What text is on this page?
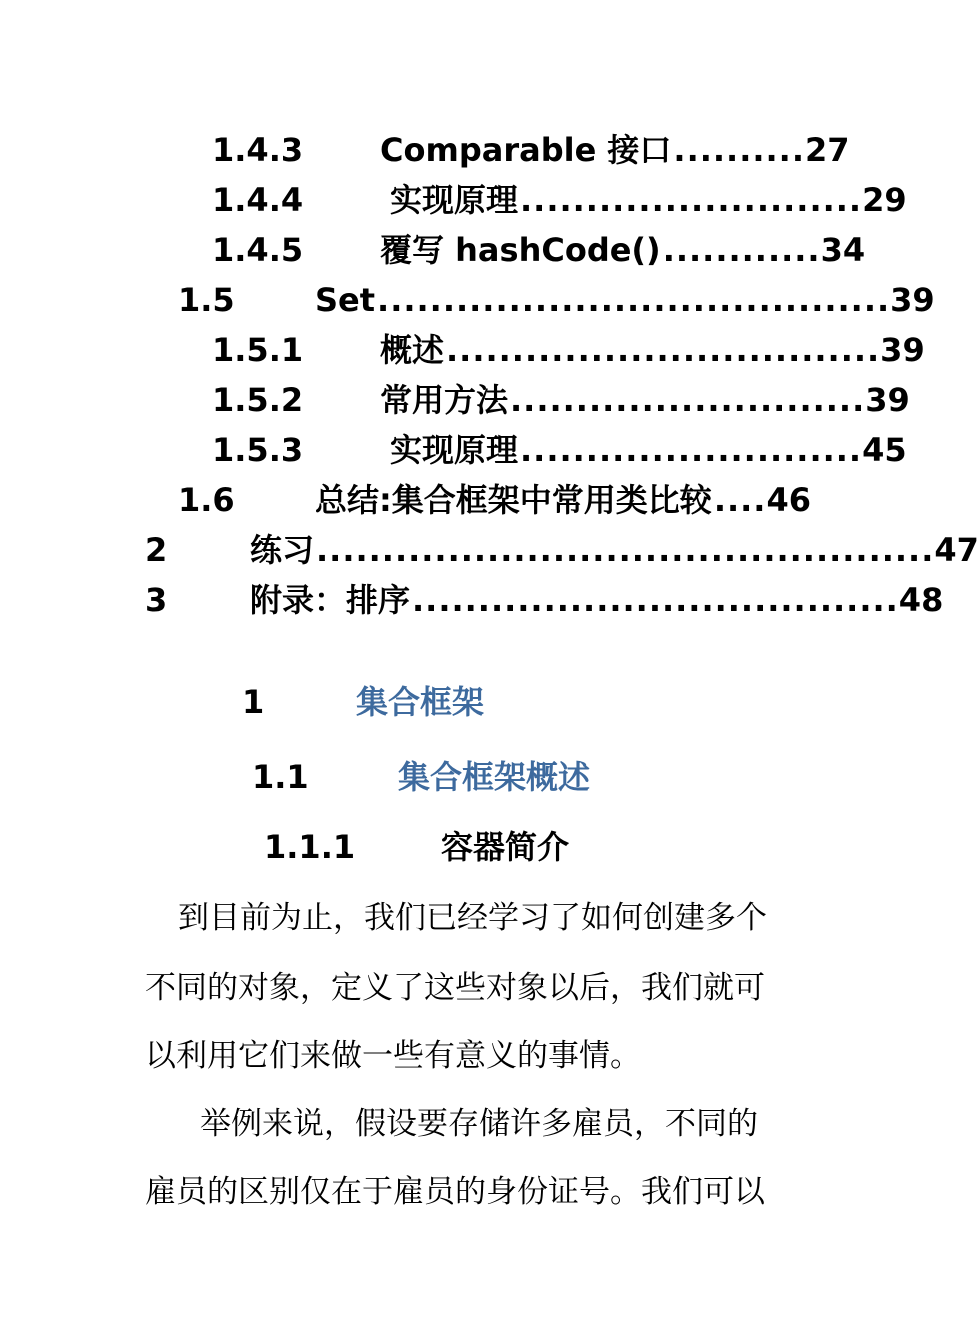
1.4.3 Comparable 接口 .......... 27
1.4.4	实现原理 .......................... 29
1.4.5 覆写 hashCode() ............ 34
1.5	Set ....................................... 39
1.5.1 概述 ................................. 39
1.5.2 常用方法 ........................... 39
1.5.3	实现原理 .......................... 45
1.6	总结:集合框架中常用类比较 .... 46
2	练习 ............................................... 47
3	附录：排序 ..................................... 48
1	集合框架
1.1	集合框架概述
1.1.1	容器简介
到目前为止，我们已经学习了如何创建多个
不同的对象，定义了这些对象以后，我们就可
以利用它们来做一些有意义的事情。
举例来说，假设要存储许多雇员，不同的
雇员的区别仅在于雇员的身份证号。我们可以
